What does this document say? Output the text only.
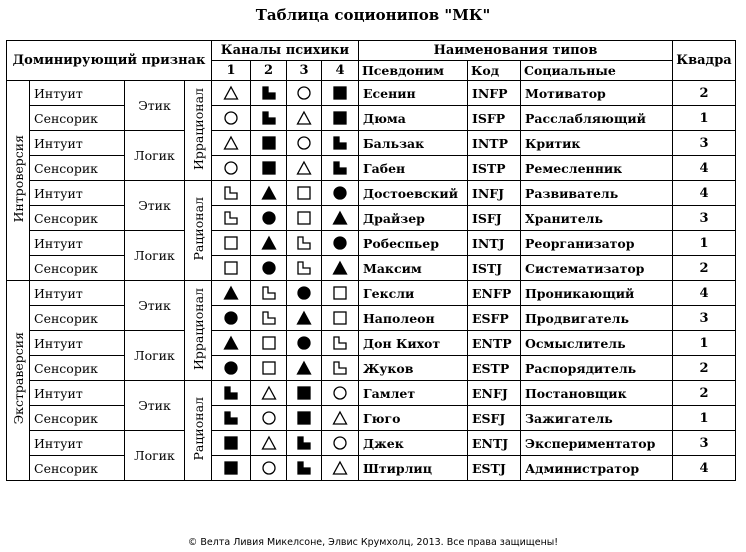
Таблица соционипов "МК"
Доминирующий признак				Каналы психики				Наименования типов			Квадра
				1	2	3	4	Псевдоним	Код	Социальные	
Интроверсия	Интуит	Этик	Иррационал					Есенин	INFP	Мотиватор	2
	Сенсорик							Дюма	ISFP	Расслабляющий	1
	Интуит	Логик						Бальзак	INTP	Критик	3
	Сенсорик							Габен	ISTP	Ремесленник	4
	Интуит	Этик	Рационал					Достоевский	INFJ	Развиватель	4
	Сенсорик							Драйзер	ISFJ	Хранитель	3
	Интуит	Логик						Робеспьер	INTJ	Реорганизатор	1
	Сенсорик							Максим	ISTJ	Систематизатор	2
Экстраверсия	Интуит	Этик	Иррационал					Гексли	ENFP	Проникающий	4
	Сенсорик							Наполеон	ESFP	Продвигатель	3
	Интуит	Логик						Дон Кихот	ENTP	Осмыслитель	1
	Сенсорик							Жуков	ESTP	Распорядитель	2
	Интуит	Этик	Рационал					Гамлет	ENFJ	Постановщик	2
	Сенсорик							Гюго	ESFJ	Зажигатель	1
	Интуит	Логик						Джек	ENTJ	Экспериментатор	3
	Сенсорик							Штирлиц	ESTJ	Администратор	4
© Велта Ливия Микелсоне, Элвис Крумхолц, 2013. Все права защищены!
